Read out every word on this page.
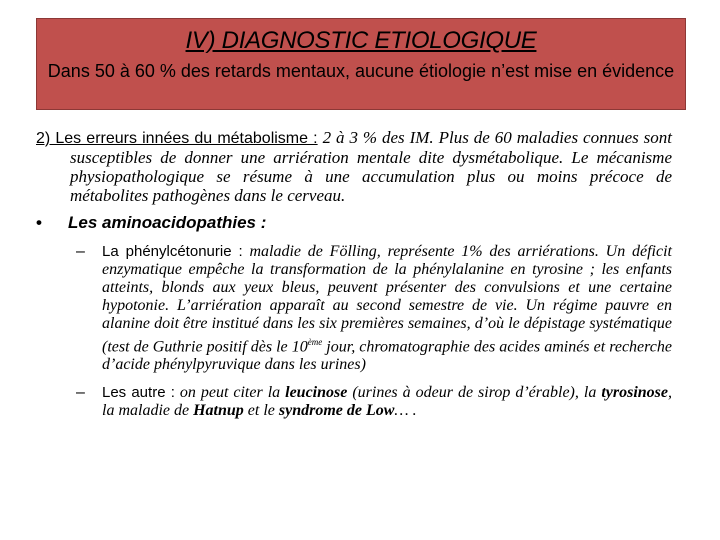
IV) DIAGNOSTIC ETIOLOGIQUE
Dans 50 à 60 % des retards mentaux, aucune étiologie n’est mise en évidence
2) Les erreurs innées du métabolisme : 2 à 3 % des IM. Plus de 60 maladies connues sont susceptibles de donner une arriération mentale dite dysmétabolique. Le mécanisme physiopathologique se résume à une accumulation plus ou moins précoce de métabolites pathogènes dans le cerveau.
• Les aminoacidopathies :
– La phénylcétonurie : maladie de Fölling, représente 1% des arriérations. Un déficit enzymatique empêche la transformation de la phénylalanine en tyrosine ; les enfants atteints, blonds aux yeux bleus, peuvent présenter des convulsions et une certaine hypotonie. L’arriération apparaît au second semestre de vie. Un régime pauvre en alanine doit être institué dans les six premières semaines, d’où le dépistage systématique (test de Guthrie positif dès le 10ème jour, chromatographie des acides aminés et recherche d’acide phénylpyruvique dans les urines)
– Les autre : on peut citer la leucinose (urines à odeur de sirop d’érable), la tyrosinose, la maladie de Hatnup et le syndrome de Low… .
